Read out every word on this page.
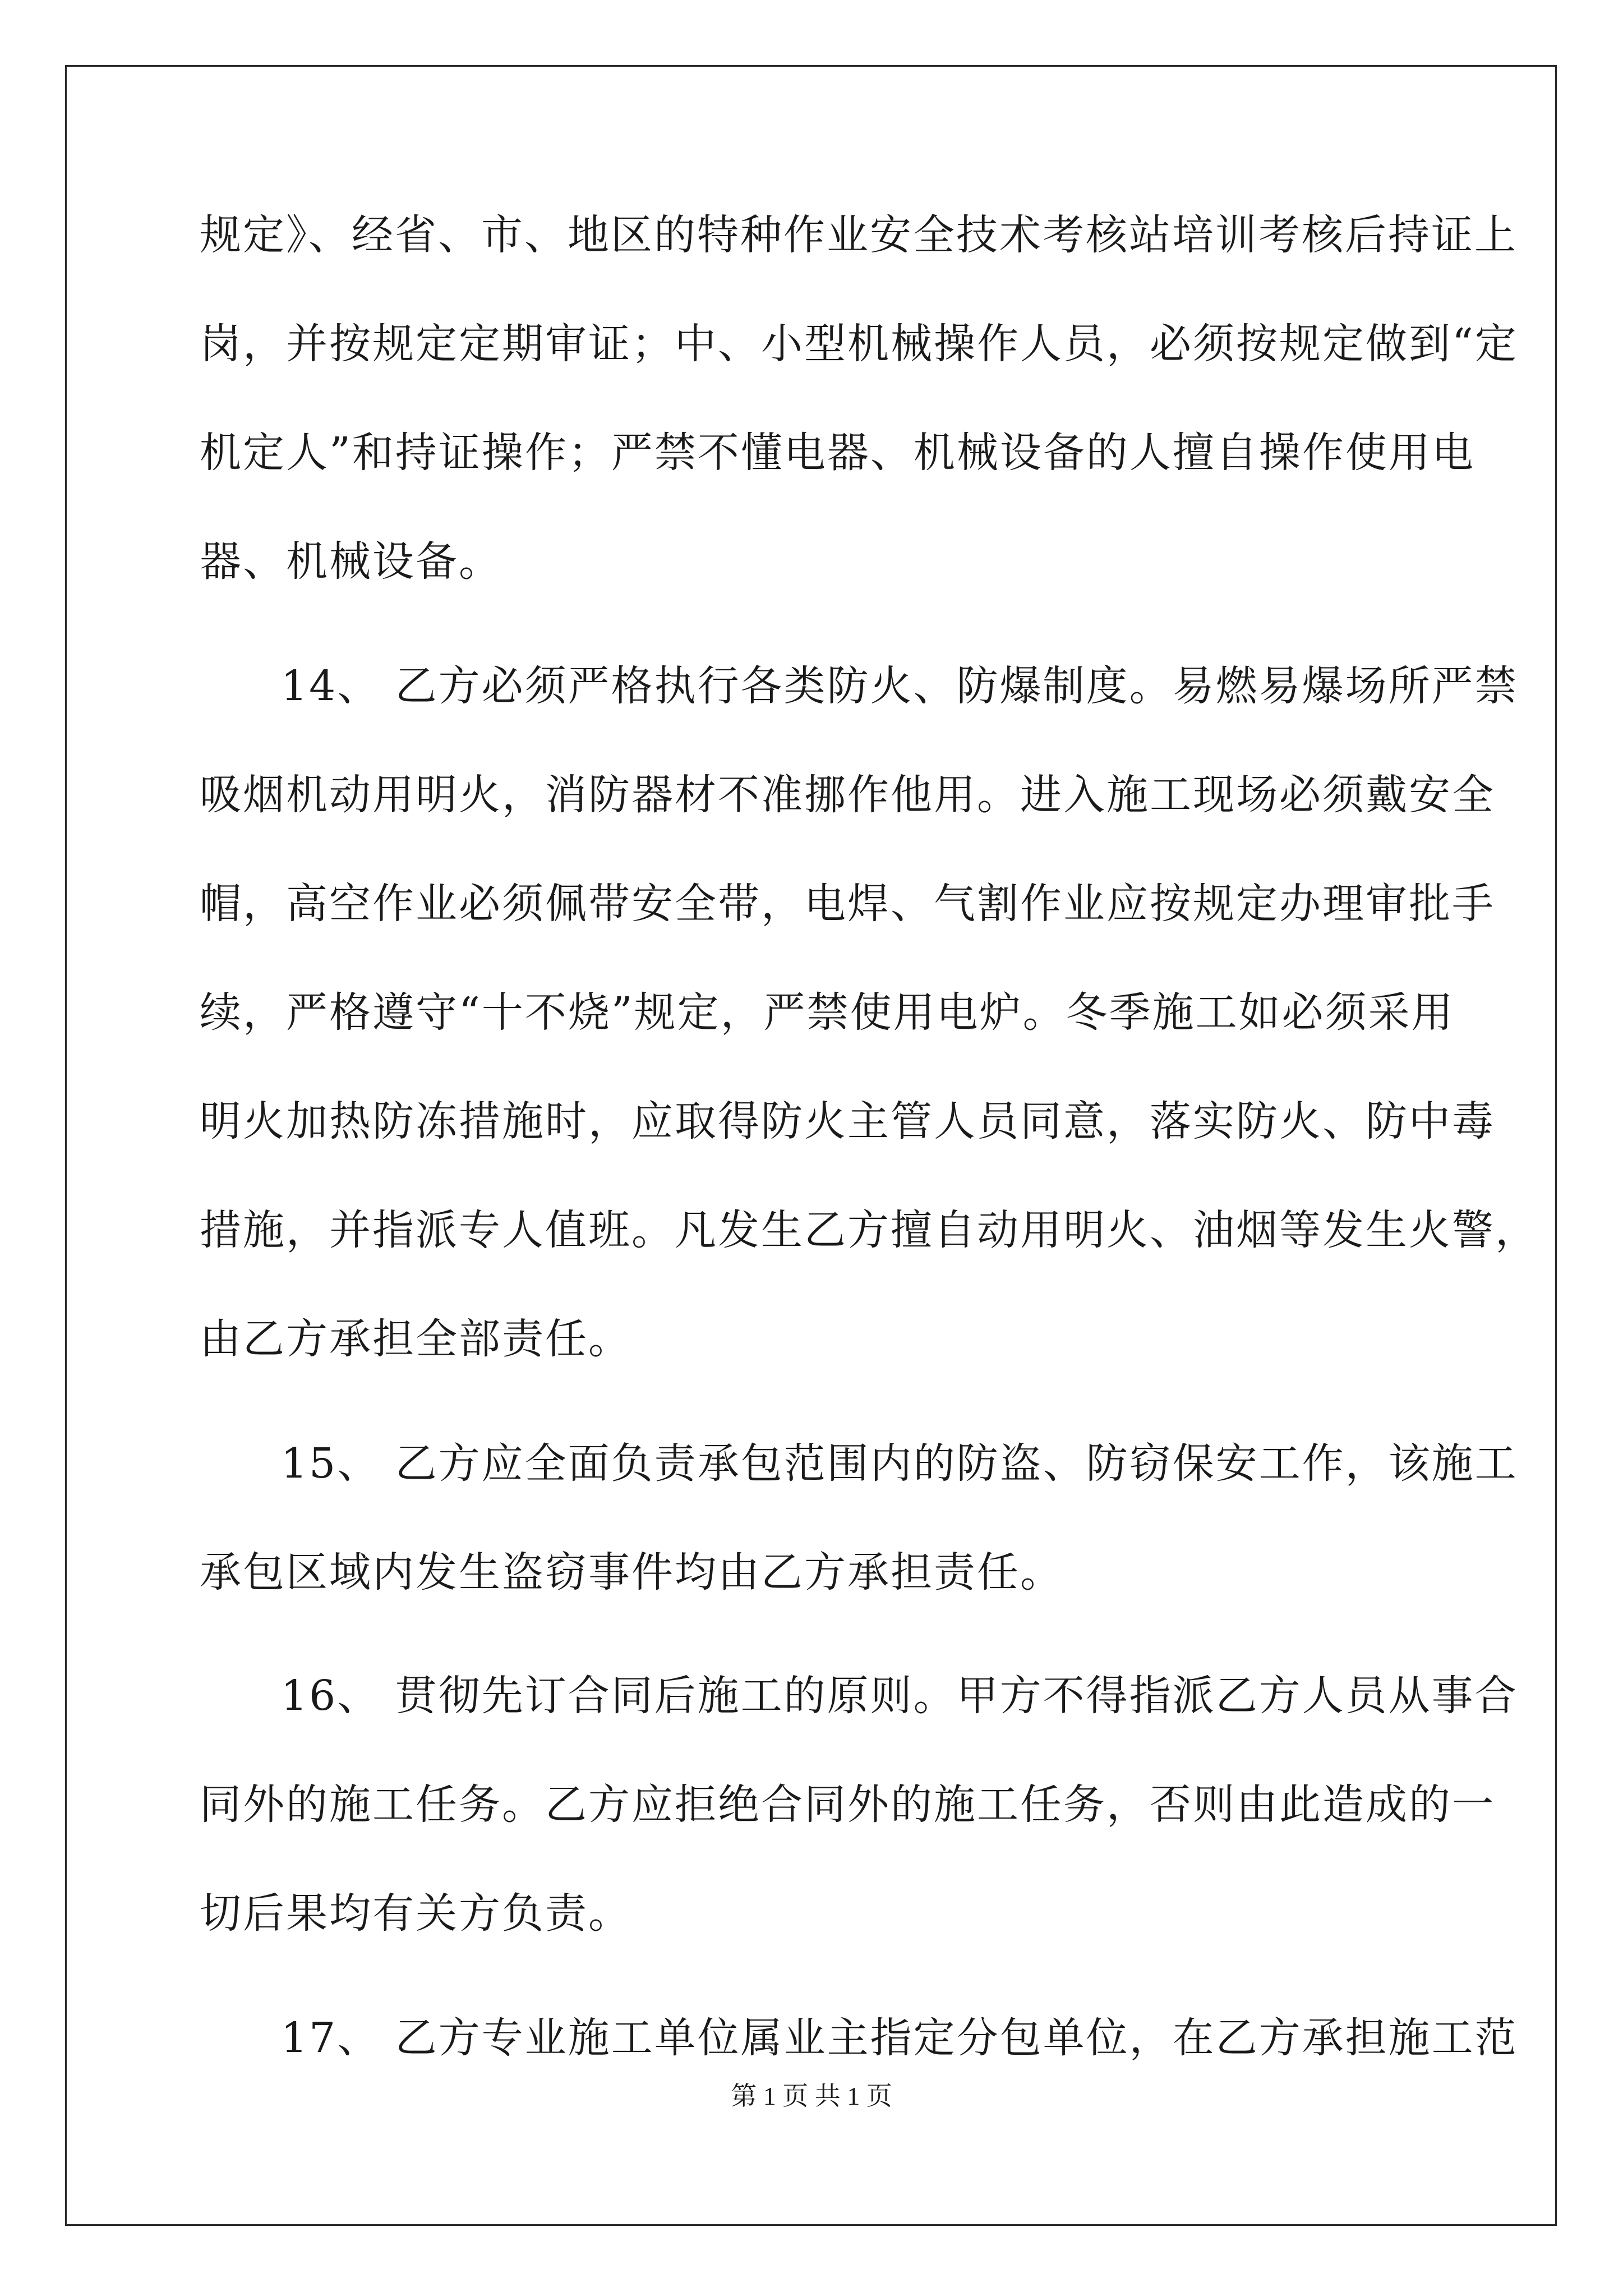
规定》、经省、市、地区的特种作业安全技术考核站培训考核后持证上
岗，并按规定定期审证；中、小型机械操作人员，必须按规定做到“定
机定人”和持证操作；严禁不懂电器、机械设备的人擅自操作使用电
器、机械设备。
14、 乙方必须严格执行各类防火、防爆制度。易燃易爆场所严禁
吸烟机动用明火，消防器材不准挪作他用。进入施工现场必须戴安全
帽，高空作业必须佩带安全带，电焊、气割作业应按规定办理审批手
续，严格遵守“十不烧”规定，严禁使用电炉。冬季施工如必须采用
明火加热防冻措施时，应取得防火主管人员同意，落实防火、防中毒
措施，并指派专人值班。凡发生乙方擅自动用明火、油烟等发生火警，
由乙方承担全部责任。
15、 乙方应全面负责承包范围内的防盗、防窃保安工作，该施工
承包区域内发生盗窃事件均由乙方承担责任。
16、 贯彻先订合同后施工的原则。甲方不得指派乙方人员从事合
同外的施工任务。乙方应拒绝合同外的施工任务，否则由此造成的一
切后果均有关方负责。
17、 乙方专业施工单位属业主指定分包单位，在乙方承担施工范
第 1 页 共 1 页
